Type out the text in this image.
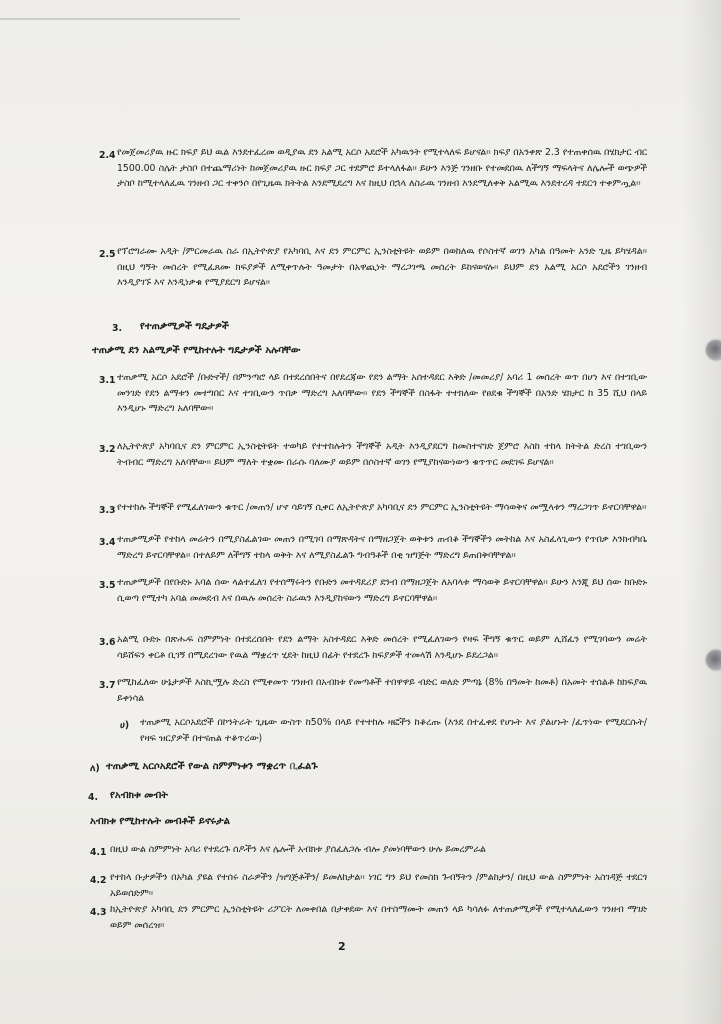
2.4 የመጀመሪያዉ ዙር ክፍያ ይህ ዉል እንደተፈረመ ወዲያዉ ደን አልሚ አርሶ አደሮች አካዉንት የሚተላለፍ ይሆናል፡፡ ክፍያ በአንቀጽ 2.3 የተጠቀሰዉ በሄክታር ብር 1500.00 ስሌት ታስቦ በተጨማሪነት ከመጀመሪያዉ ዙር ክፍያ ጋር ተደምሮ ይተላለፋል፡፡ ይሁን እንጅ ገንዘቡ የተመደበዉ ለችግኝ ማፍላትና ለሌሎች ወጭዎች ታስቦ ከሚተላለፈዉ ገንዘብ ጋር ተቀንሶ በየጊዜዉ ክትትል እንደሚደረግ እና ከዚህ በኋላ ለስራዉ ገንዘብ እንደሚለቀቅ አልሚዉ እንደተረዳ ተደርጎ ተቀምጧል፡፡

2.5 የፕሮግራሙ አዲት /ምርመራዉ ስራ በኢትዮጵያ የአካባቢ እና ደን ምርምር ኢንስቲትዩት ወይም በወከለዉ የሶስተኛ ወገን አካል በዓመት አንድ ጊዜ ይካሄዳል፡፡ በዚህ ግኝት መሰረት የሚፈጸሙ ክፍያዎች ለሚቀጥሉት ዓመታት በአዋጪነት ማረጋገጫ መሰረት ይከናወናሉ፡፡ ይህም ደን አልሚ አርሶ አደሮችን ገንዘብ እንዲያገኙ እና እንዲነቃቁ የሚያደርግ ይሆናል፡፡

3. የተጠቃሚዎች ግዴታዎች
ተጠቃሚ ደን አልሚዎች የሚከተሉት ግዴታዎች አሉባቸው
3.1 ተጠቃሚ አርሶ አደሮች /ቡድኖች/ በምንጣሮ ላይ በተደረሰበትና በየደረጃው የደን ልማት አሰተዳደር እቅድ /መመሪያ/ አባሪ 1 መሰረት ወጥ በሆነ እና በተገቢው መንገድ የደን ልማቱን መተግበር እና ተገቢውን ጥበቃ ማድረግ አለባቸው፡፡ የደን ችግኞች በስፋት ተተክለው የፀደቁ ችግኞች በአንድ ሄክታር ከ 35 ሺህ በላይ እንዲሆኑ ማድረግ አለባቸው፡፡

3.2 ለኢትዮጵያ አካባቢና ደን ምርምር ኢንስቲትዩት ተወካይ የተተከሉትን ችግኞች አዲት እንዲያደርግ ከመስተናገድ ጀምሮ እስከ ተከላ ክትትል ድረስ ተገቢውን ትብብር ማድረግ አለባቸው፡፡ ይህም ማለት ተቋሙ በራሱ ባለሙያ ወይም በሶስተኛ ወገን የሚያከናውነውን ቁጥጥር መደገፍ ይሆናል፡፡

3.3 የተተከሉ ችግኞች የሚፈለገውን ቁጥር /መጠን/ ሆኖ ሳይገኝ ሲቀር ለኢትዮጵያ አካባቢና ደን ምርምር ኢንስቲትዩት ማሳወቅና መሟላቱን ማረጋገጥ ይኖርባቸዋል፡፡

3.4 ተጠቃሚዎች የተከላ መሬትን በሚያስፈልገው መጠን በሚገባ በማጽዳትና በማዘጋጀት ወቅቱን ጠብቆ ችግኞችን መትከል እና አስፈላጊውን የጥበቃ እንክብካቤ ማድረግ ይኖርባቸዋል፡፡ በተለይም ለችግኝ ተከላ ወቅት እና ለሚያስፈልጉ ግብዓቶች በቂ ዝግጅት ማድረግ ይጠበቅባቸዋል፡፡

3.5 ተጠቃሚዎች በየቡድኑ አባል ሰው ላልተፈለገ የተሰማሩትን የቡድን መተዳደሪያ ደንብ በማዘጋጀት ለአባላቱ ማሳወቅ ይኖርባቸዋል፡፡ ይሁን እንጂ ይህ ሰው ከቡድኑ ሲወጣ የሚተካ አባል መመደብ እና በዉሉ መሰረት ስራዉን እንዲያከናውን ማድረግ ይኖርባቸዋል፡፡

3.6 አልሚ ቡድኑ በጽሑፍ ስምምነት በተደረሰበት የደን ልማት አስተዳደር እቅድ መሰረት የሚፈለገውን የዛፍ ችግኝ ቁጥር ወይም ሊሸፈን የሚገባውን መሬት ሳይሸፍን ቀርቶ ቢገኝ በሚደረገው የዉል ማቋረጥ ሂደት ከዚህ በፊት የተደረጉ ክፍያዎች ተመላሽ እንዲሆኑ ይደረጋል፡፡

3.7 የሚከፈለው ሁኔታዎች እስኪሟሉ ድረስ የሚቀመጥ ገንዘብ በአብክቱ የመጣቶች ተበዋዋይ ብድር ወለድ ምጣኔ (8% በዓመት ከመቶ) በአመት ተሰልቶ ከክፍያዉ ይቀነሳል

ሀ) ተጠቃሚ አርሶአደሮች በኮንትራት ጊዜው ውስጥ ከ50% በላይ የተተከሉ ዛፎችን ከቆረጡ (እንደ በተፈቀደ የሆኑት እና ያልሆኑት /ፈጥነው የሚደርሱት/ የዛፍ ዝርያዎች በተናጠል ተቆጥረው)

ለ) ተጠቃሚ አርሶአደሮች የውል ስምምነቱን ማቋረጥ ቢፈልጉ
4. የአብክቱ መብት
አብክቱ የሚከተሉት መብቶች ይኖሩታል
4.1 በዚህ ውል ስምምነት አባሪ የተደረጉ ሰዶችን እና ሌሎች አብክቱ ያሰፈለጋሉ ብሎ ያመነባቸውን ሁሉ ይመረምራል

4.2 የተከላ ቡታዎችን በአካል ያዩል የተሰሩ ስራዎችን /ዝግጅቶችን/ ይመለከታል፡፡ ነገር ግን ይህ የመስክ ጉብኝትን /ምልከታን/ በዚህ ውል ስምምነት አስገዳጅ ተደርጎ አይወሰድም፡፡

4.3 ከኢትዮጵያ አካባቢ ደን ምርምር ኢንስቲትዩት ሪፖርት ለመቀበል በታቀደው እና በተስማሙት መጠን ላይ ካሳለፉ ለተጠቃሚዎች የሚተላለፈውን ገንዘብ ማገድ ወይም መሰረዝ፡፡

2
